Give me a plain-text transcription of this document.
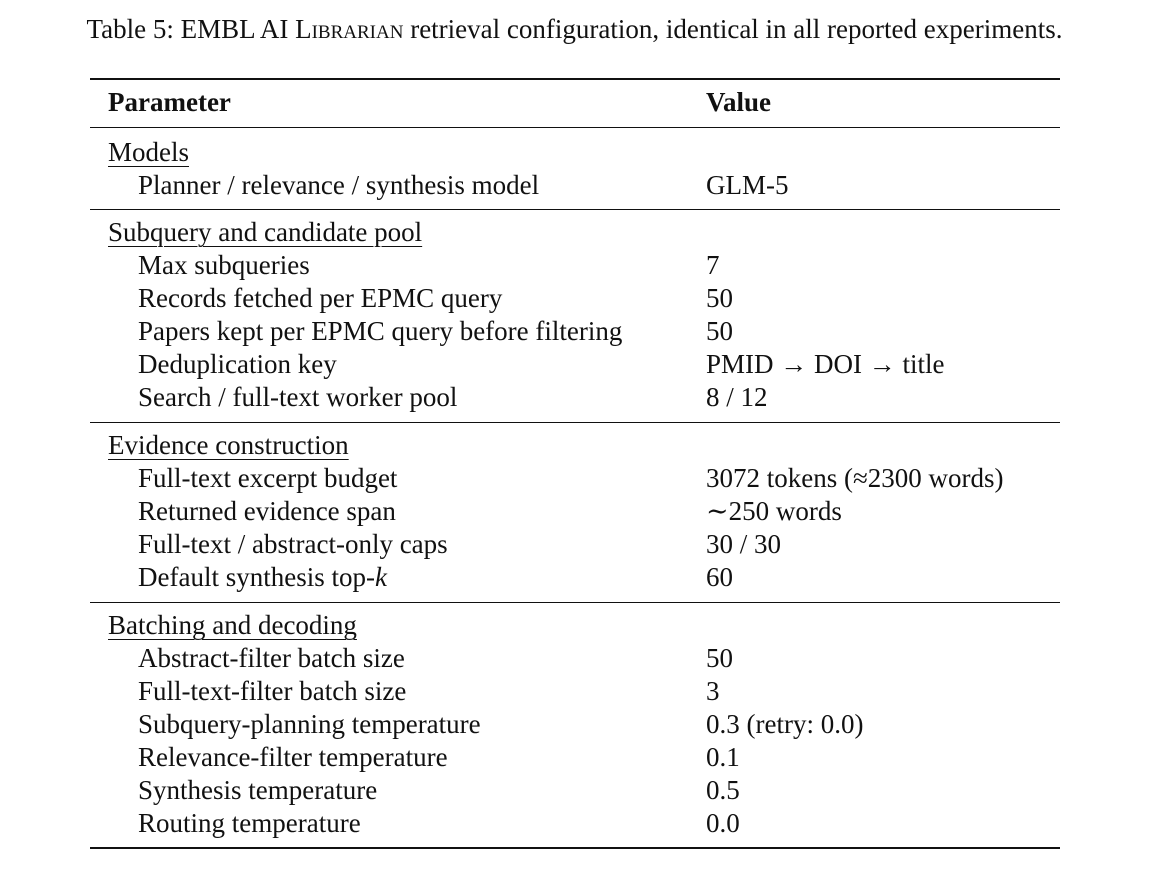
Table 5: EMBL AI Librarian retrieval configuration, identical in all reported experiments.
Parameter	Value
Models
Planner / relevance / synthesis model	GLM-5
Subquery and candidate pool
Max subqueries	7
Records fetched per EPMC query	50
Papers kept per EPMC query before filtering	50
Deduplication key	PMID → DOI → title
Search / full-text worker pool	8 / 12
Evidence construction
Full-text excerpt budget	3072 tokens (≈2300 words)
Returned evidence span	∼250 words
Full-text / abstract-only caps	30 / 30
Default synthesis top-k	60
Batching and decoding
Abstract-filter batch size	50
Full-text-filter batch size	3
Subquery-planning temperature	0.3 (retry: 0.0)
Relevance-filter temperature	0.1
Synthesis temperature	0.5
Routing temperature	0.0
